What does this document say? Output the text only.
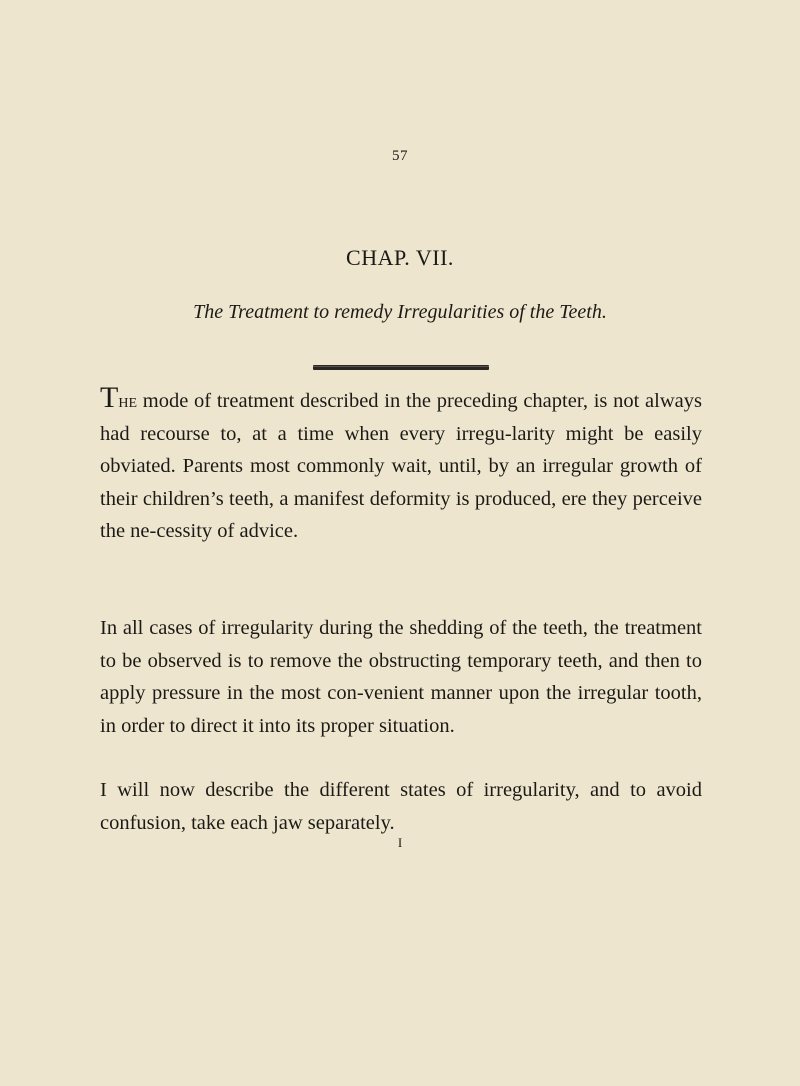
57
CHAP. VII.
The Treatment to remedy Irregularities of the Teeth.
The mode of treatment described in the preceding chapter, is not always had recourse to, at a time when every irregu-larity might be easily obviated. Parents most commonly wait, until, by an irregular growth of their children’s teeth, a manifest deformity is produced, ere they perceive the ne-cessity of advice.
In all cases of irregularity during the shedding of the teeth, the treatment to be observed is to remove the obstructing temporary teeth, and then to apply pressure in the most con-venient manner upon the irregular tooth, in order to direct it into its proper situation.
I will now describe the different states of irregularity, and to avoid confusion, take each jaw separately.
I
